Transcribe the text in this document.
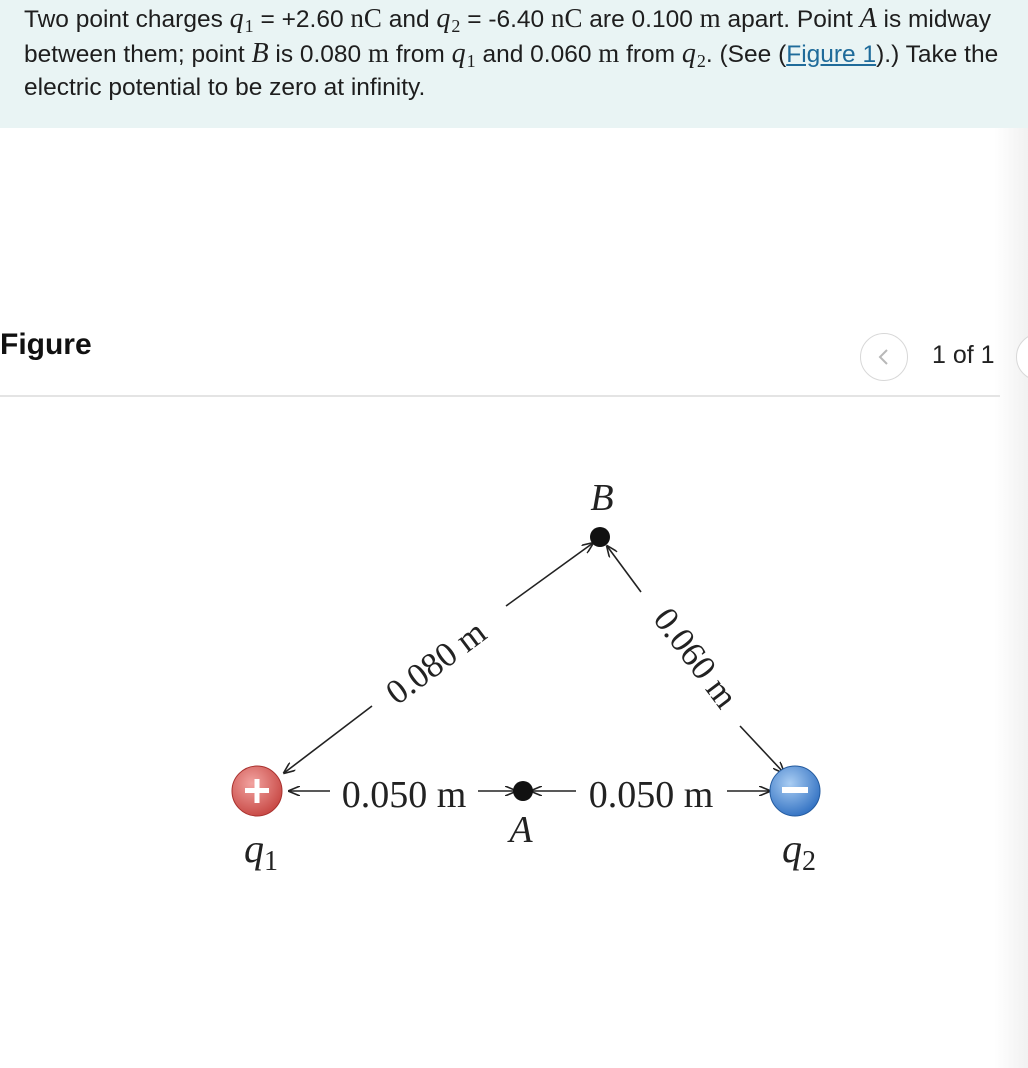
Two point charges q1 = +2.60 nC and q2 = -6.40 nC are 0.100 m apart. Point A is midway between them; point B is 0.080 m from q1 and 0.060 m from q2. (See (Figure 1).) Take the electric potential to be zero at infinity.
Figure	1 of 1
0.080 m	0.060 m
0.050 m	0.050 m
B
A
$q_1$	$q_2$
